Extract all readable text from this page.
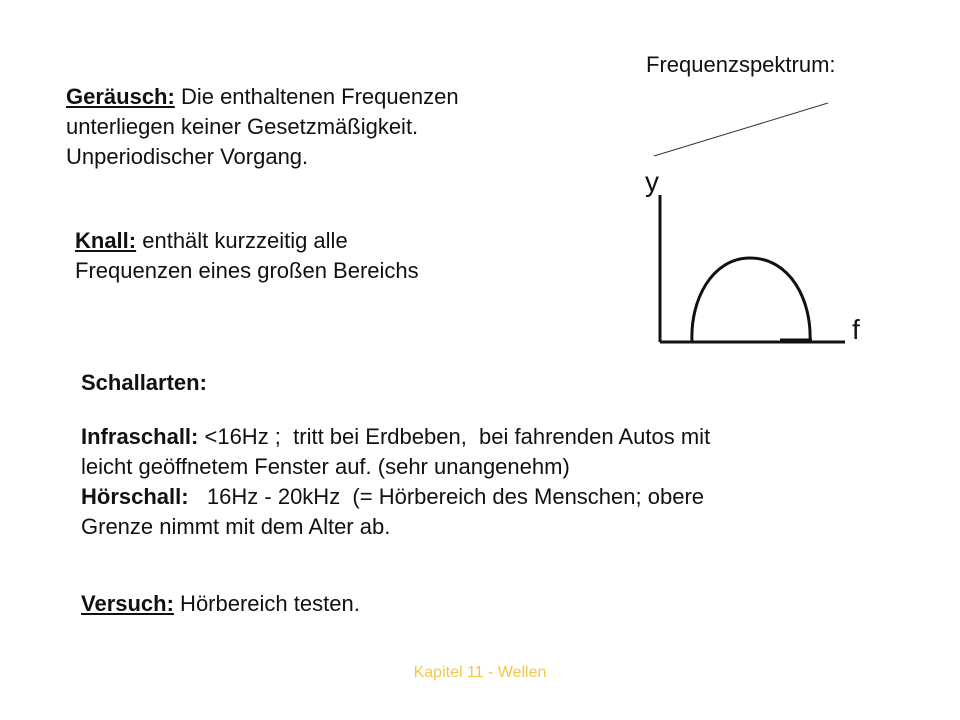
Frequenzspektrum:
y
f
Geräusch: Die enthaltenen Frequenzen
unterliegen keiner Gesetzmäßigkeit.
Unperiodischer Vorgang.
Knall: enthält kurzzeitig alle
Frequenzen eines großen Bereichs
Schallarten:
Infraschall: <16Hz ;  tritt bei Erdbeben,  bei fahrenden Autos mit
leicht geöffnetem Fenster auf. (sehr unangenehm)
Hörschall:   16Hz - 20kHz  (= Hörbereich des Menschen; obere
Grenze nimmt mit dem Alter ab.
Versuch: Hörbereich testen.
Kapitel 11 - Wellen
